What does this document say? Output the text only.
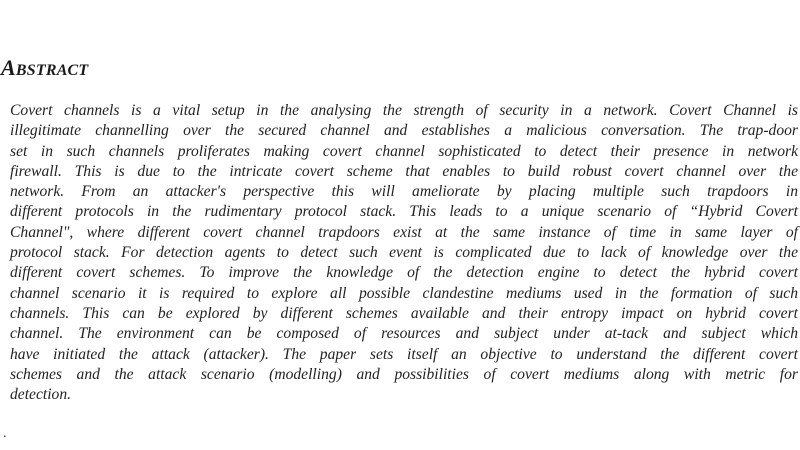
ABSTRACT
Covert channels is a vital setup in the analysing the strength of security in a network. Covert Channel is
illegitimate channelling over the secured channel and establishes a malicious conversation. The trap-door
set in such channels proliferates making covert channel sophisticated to detect their presence in network
firewall. This is due to the intricate covert scheme that enables to build robust covert channel over the
network. From an attacker's perspective this will ameliorate by placing multiple such trapdoors in
different protocols in the rudimentary protocol stack. This leads to a unique scenario of “Hybrid Covert
Channel", where different covert channel trapdoors exist at the same instance of time in same layer of
protocol stack. For detection agents to detect such event is complicated due to lack of knowledge over the
different covert schemes. To improve the knowledge of the detection engine to detect the hybrid covert
channel scenario it is required to explore all possible clandestine mediums used in the formation of such
channels. This can be explored by different schemes available and their entropy impact on hybrid covert
channel. The environment can be composed of resources and subject under at-tack and subject which
have initiated the attack (attacker). The paper sets itself an objective to understand the different covert
schemes and the attack scenario (modelling) and possibilities of covert mediums along with metric for
detection.
.
